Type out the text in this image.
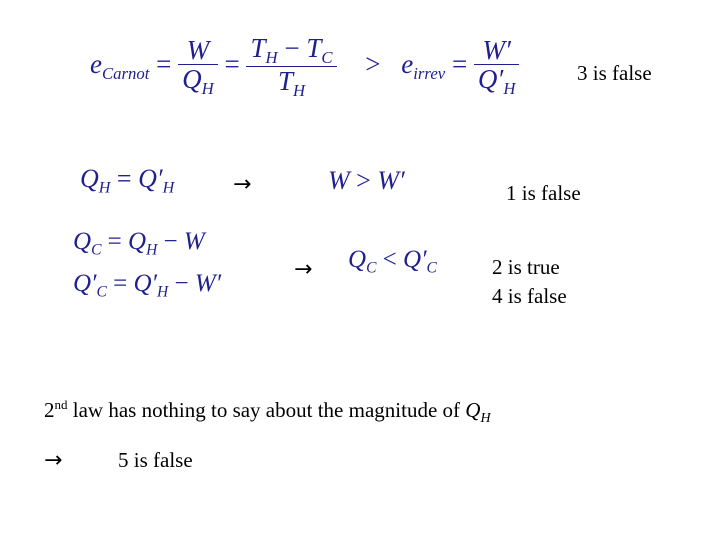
$e_{Carnot} = \frac{W}{Q_H} = \frac{T_H - T_C}{T_H} > e_{irrev} = \frac{W'}{Q'_H}$	3 is false
$Q_H = Q'_H$	→	W > W′	1 is false
$Q_C = Q_H - W$
$Q'_C = Q'_H - W'$
→ $Q_C < Q'_C$	2 is true
4 is false
2nd law has nothing to say about the magnitude of $Q_H$
→	5 is false
